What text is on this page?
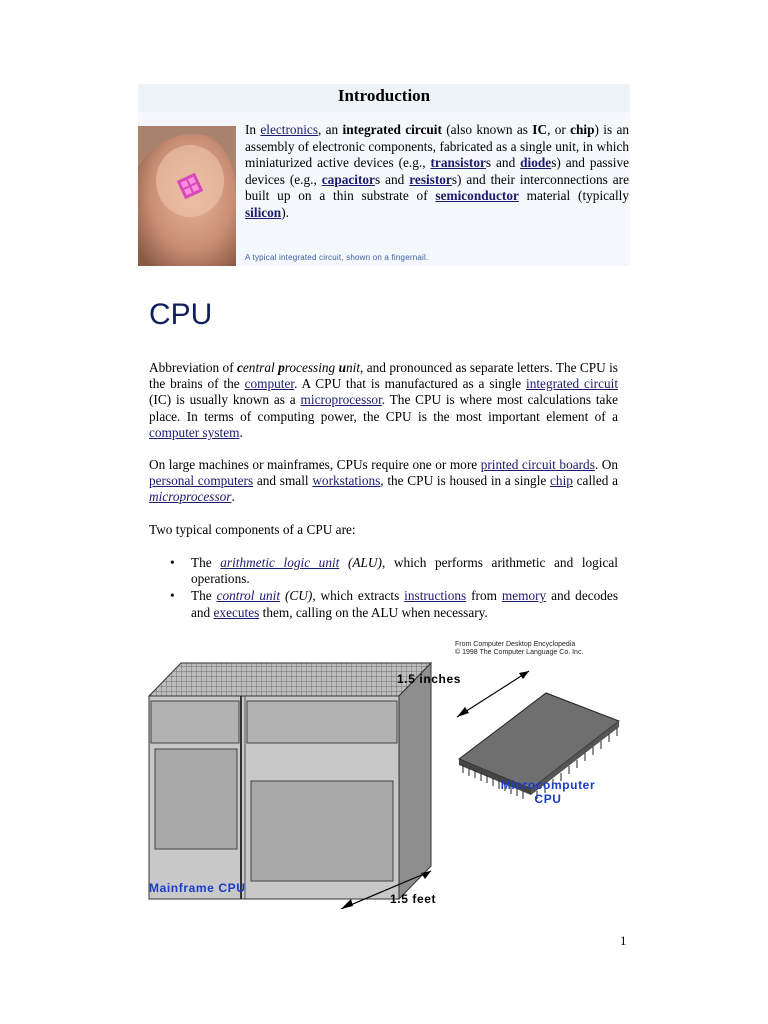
Introduction
In electronics, an integrated circuit (also known as IC, or chip) is an assembly of electronic components, fabricated as a single unit, in which miniaturized active devices (e.g., transistors and diodes) and passive devices (e.g., capacitors and resistors) and their interconnections are built up on a thin substrate of semiconductor material (typically silicon).
A typical integrated circuit, shown on a fingernail.
CPU
Abbreviation of central processing unit, and pronounced as separate letters. The CPU is the brains of the computer. A CPU that is manufactured as a single integrated circuit (IC) is usually known as a microprocessor. The CPU is where most calculations take place. In terms of computing power, the CPU is the most important element of a computer system.
On large machines or mainframes, CPUs require one or more printed circuit boards. On personal computers and small workstations, the CPU is housed in a single chip called a microprocessor.
Two typical components of a CPU are:
• The arithmetic logic unit (ALU), which performs arithmetic and logical operations.
• The control unit (CU), which extracts instructions from memory and decodes and executes them, calling on the ALU when necessary.
From Computer Desktop Encyclopedia
© 1998 The Computer Language Co. Inc.
1.5 inches
Microcomputer
CPU
Mainframe CPU
1.5 feet
1
